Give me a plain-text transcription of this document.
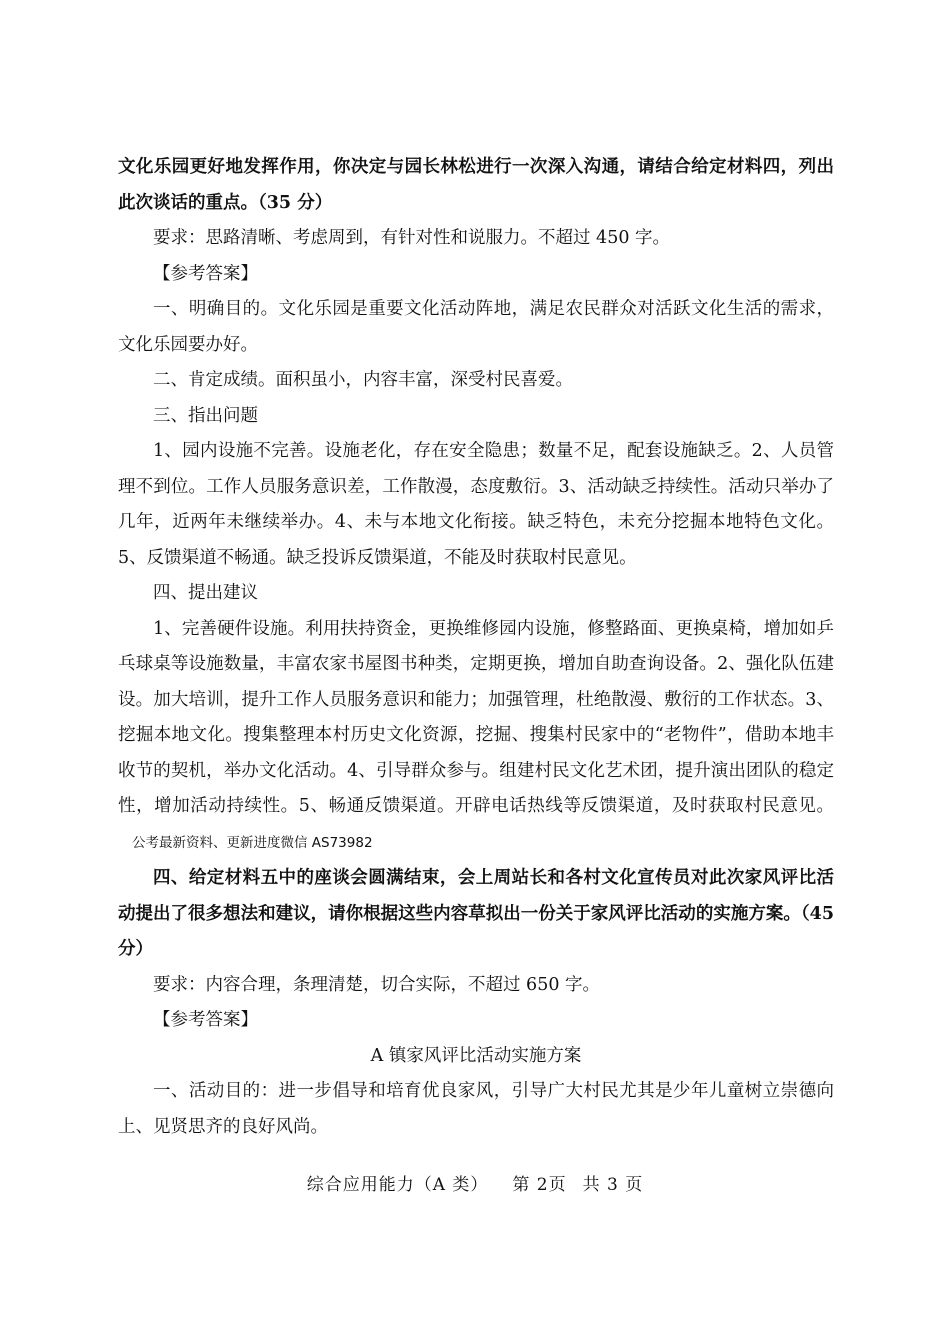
文化乐园更好地发挥作用，你决定与园长林松进行一次深入沟通，请结合给定材料四，列出此次谈话的重点。（35 分）

要求：思路清晰、考虑周到，有针对性和说服力。不超过 450 字。

【参考答案】

一、明确目的。文化乐园是重要文化活动阵地，满足农民群众对活跃文化生活的需求，文化乐园要办好。

二、肯定成绩。面积虽小，内容丰富，深受村民喜爱。

三、指出问题

1、园内设施不完善。设施老化，存在安全隐患；数量不足，配套设施缺乏。2、人员管理不到位。工作人员服务意识差，工作散漫，态度敷衍。3、活动缺乏持续性。活动只举办了几年，近两年未继续举办。4、未与本地文化衔接。缺乏特色，未充分挖掘本地特色文化。5、反馈渠道不畅通。缺乏投诉反馈渠道，不能及时获取村民意见。

四、提出建议

1、完善硬件设施。利用扶持资金，更换维修园内设施，修整路面、更换桌椅，增加如乒乓球桌等设施数量，丰富农家书屋图书种类，定期更换，增加自助查询设备。2、强化队伍建设。加大培训，提升工作人员服务意识和能力；加强管理，杜绝散漫、敷衍的工作状态。3、挖掘本地文化。搜集整理本村历史文化资源，挖掘、搜集村民家中的“老物件”，借助本地丰收节的契机，举办文化活动。4、引导群众参与。组建村民文化艺术团，提升演出团队的稳定性，增加活动持续性。5、畅通反馈渠道。开辟电话热线等反馈渠道，及时获取村民意见。公考最新资料、更新进度微信 AS73982

四、给定材料五中的座谈会圆满结束，会上周站长和各村文化宣传员对此次家风评比活动提出了很多想法和建议，请你根据这些内容草拟出一份关于家风评比活动的实施方案。（45 分）

要求：内容合理，条理清楚，切合实际，不超过 650 字。

【参考答案】

A 镇家风评比活动实施方案

一、活动目的：进一步倡导和培育优良家风，引导广大村民尤其是少年儿童树立崇德向上、见贤思齐的良好风尚。

综合应用能力（A 类） 第 2页 共 3 页
